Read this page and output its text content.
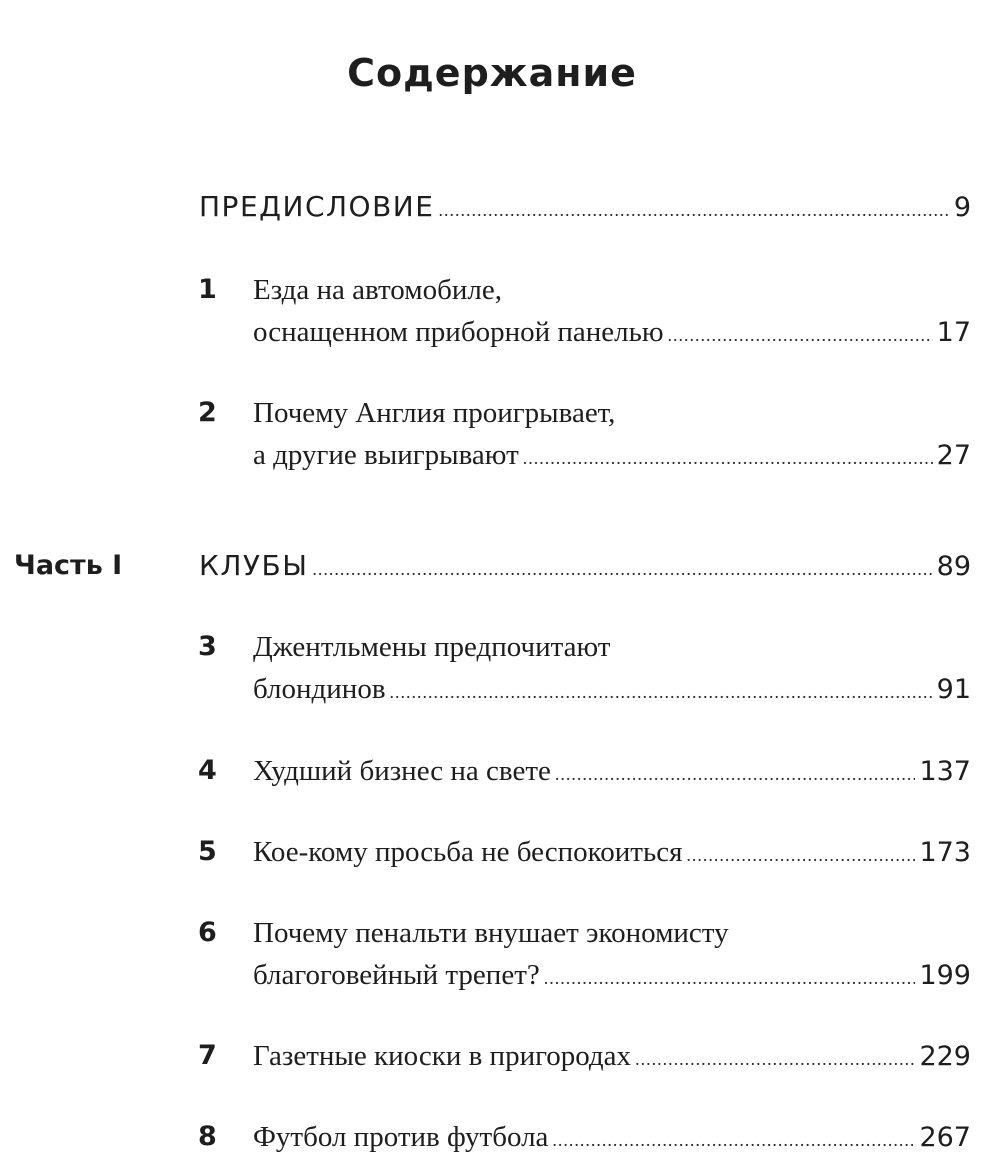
Содержание
ПРЕДИСЛОВИЕ .....	9
1 Езда на автомобиле,
оснащенном приборной панелью .....	17
2 Почему Англия проигрывает,
а другие выигрывают .....	27
Часть I	КЛУБЫ .....	89
3 Джентльмены предпочитают
блондинов .....	91
4 Худший бизнес на свете .....	137
5 Кое-кому просьба не беспокоиться .....	173
6 Почему пенальти внушает экономисту
благоговейный трепет? .....	199
7 Газетные киоски в пригородах .....	229
8 Футбол против футбола .....	267
